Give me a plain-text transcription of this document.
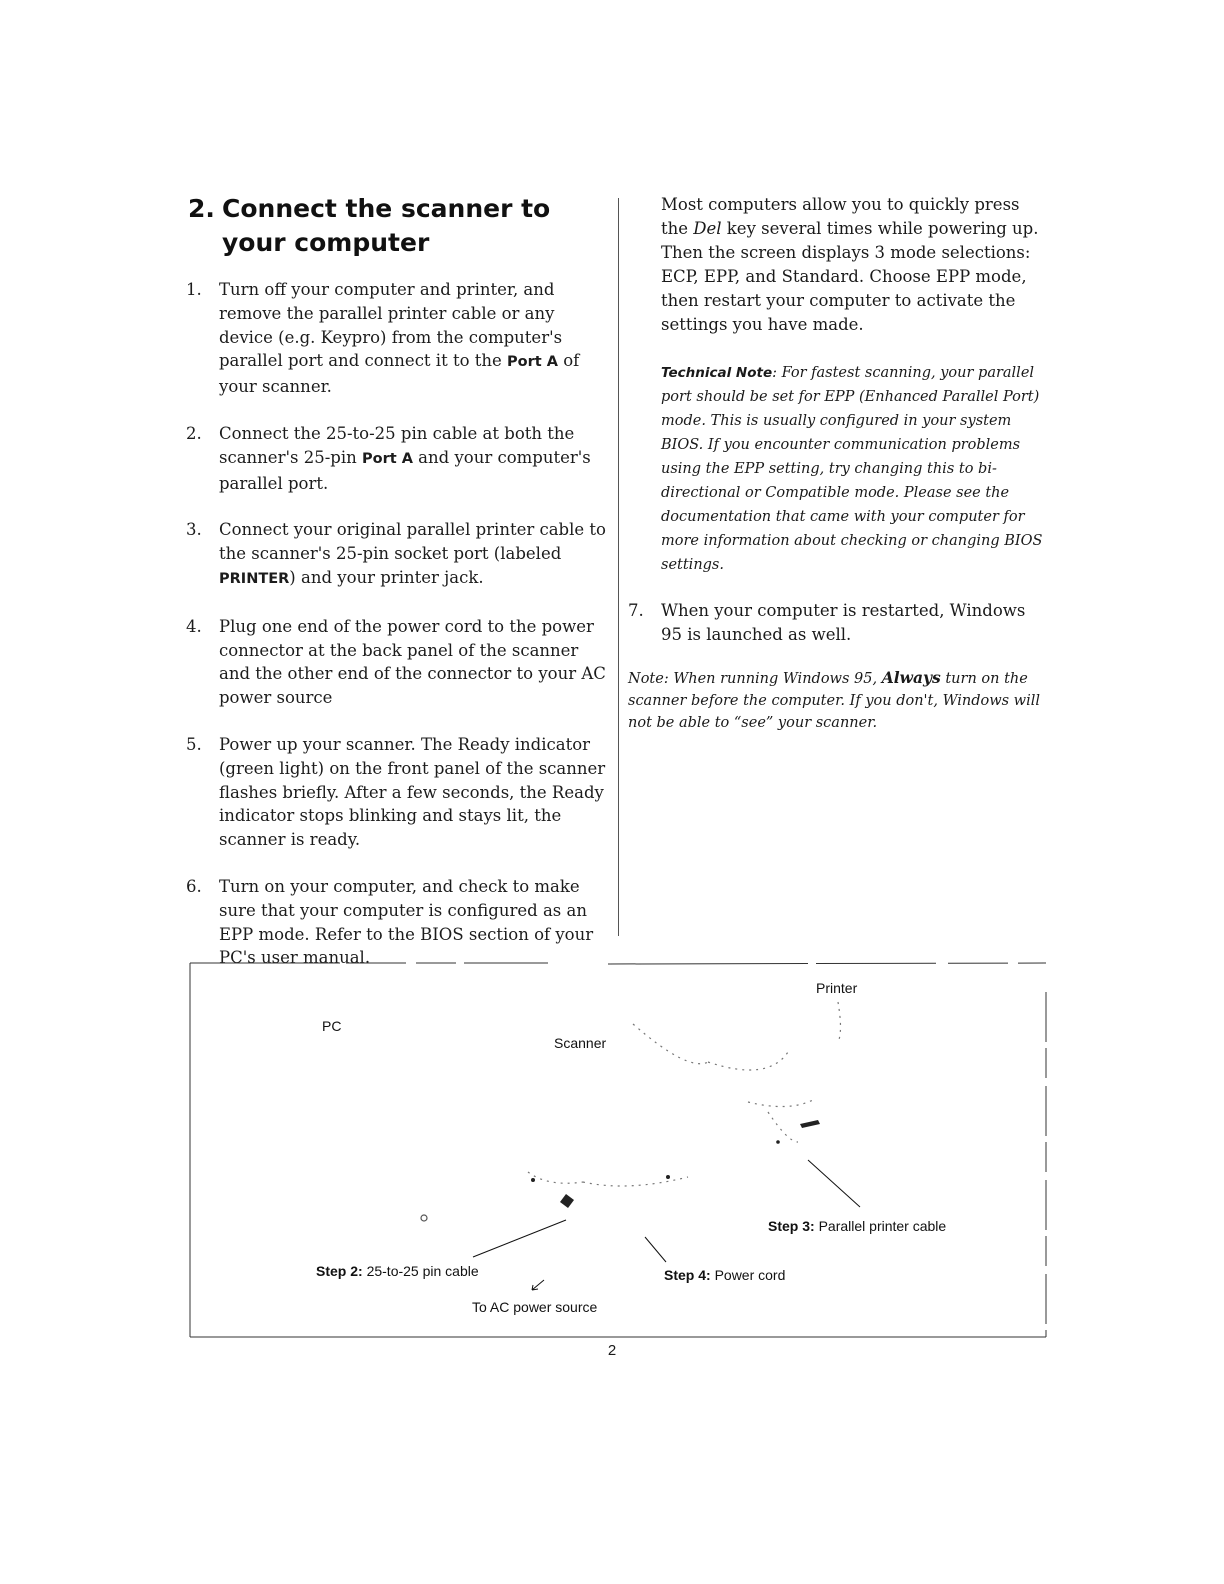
2. Connect the scanner to
your computer
1. Turn off your computer and printer, and remove the parallel printer cable or any device (e.g. Keypro) from the computer's parallel port and connect it to the Port A of your scanner.
2. Connect the 25-to-25 pin cable at both the scanner's 25-pin Port A and your computer's parallel port.
3. Connect your original parallel printer cable to the scanner's 25-pin socket port (labeled PRINTER) and your printer jack.
4. Plug one end of the power cord to the power connector at the back panel of the scanner and the other end of the connector to your AC power source
5. Power up your scanner. The Ready indicator (green light) on the front panel of the scanner flashes briefly. After a few seconds, the Ready indicator stops blinking and stays lit, the scanner is ready.
6. Turn on your computer, and check to make sure that your computer is configured as an EPP mode. Refer to the BIOS section of your PC's user manual.

Most computers allow you to quickly press the Del key several times while powering up. Then the screen displays 3 mode selections: ECP, EPP, and Standard. Choose EPP mode, then restart your computer to activate the settings you have made.

Technical Note: For fastest scanning, your parallel port should be set for EPP (Enhanced Parallel Port) mode. This is usually configured in your system BIOS. If you encounter communication problems using the EPP setting, try changing this to bi-directional or Compatible mode. Please see the documentation that came with your computer for more information about checking or changing BIOS settings.

7. When your computer is restarted, Windows 95 is launched as well.

Note: When running Windows 95, Always turn on the scanner before the computer. If you don't, Windows will not be able to “see” your scanner.

Printer
PC
Scanner
Step 3: Parallel printer cable
Step 2: 25-to-25 pin cable	Step 4: Power cord
To AC power source
2
